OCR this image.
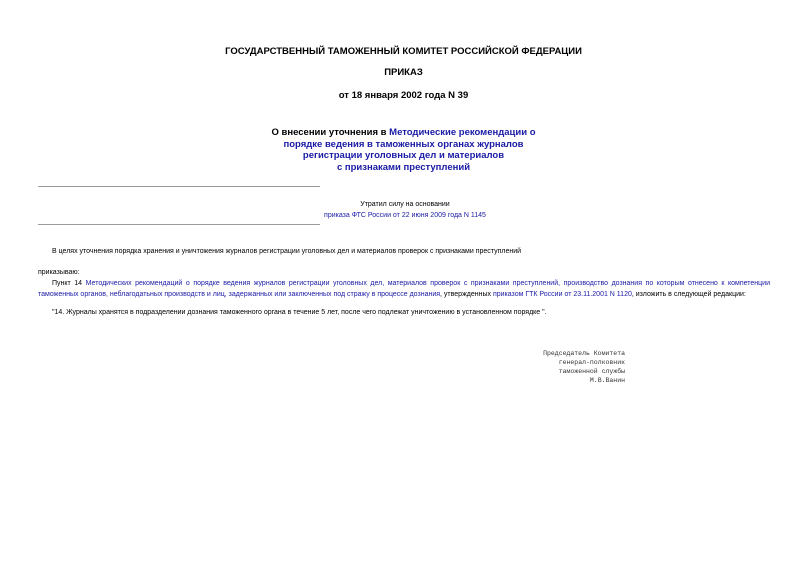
ГОСУДАРСТВЕННЫЙ ТАМОЖЕННЫЙ КОМИТЕТ РОССИЙСКОЙ ФЕДЕРАЦИИ
ПРИКАЗ
от 18 января 2002 года N 39
О внесении уточнения в Методические рекомендации о
порядке ведения в таможенных органах журналов
регистрации уголовных дел и материалов
с признаками преступлений
Утратил силу на основании
приказа ФТС России от 22 июня 2009 года N 1145
В целях уточнения порядка хранения и уничтожения журналов регистрации уголовных дел и материалов проверок с признаками преступлений
приказываю:
Пункт 14 Методических рекомендаций о порядке ведения журналов регистрации уголовных дел, материалов проверок с признаками преступлений, производство дознания по которым отнесено к компетенции таможенных органов, неблагодатьных производств и лиц, задержанных или заключенных под стражу в процессе дознания, утвержденных приказом ГТК России от 23.11.2001 N 1120, изложить в следующей редакции:
"14. Журналы хранятся в подразделении дознания таможенного органа в течение 5 лет, после чего подлежат уничтожению в установленном порядке ".
Председатель Комитета
генерал-полковник
таможенной службы
М.В.Ванин
